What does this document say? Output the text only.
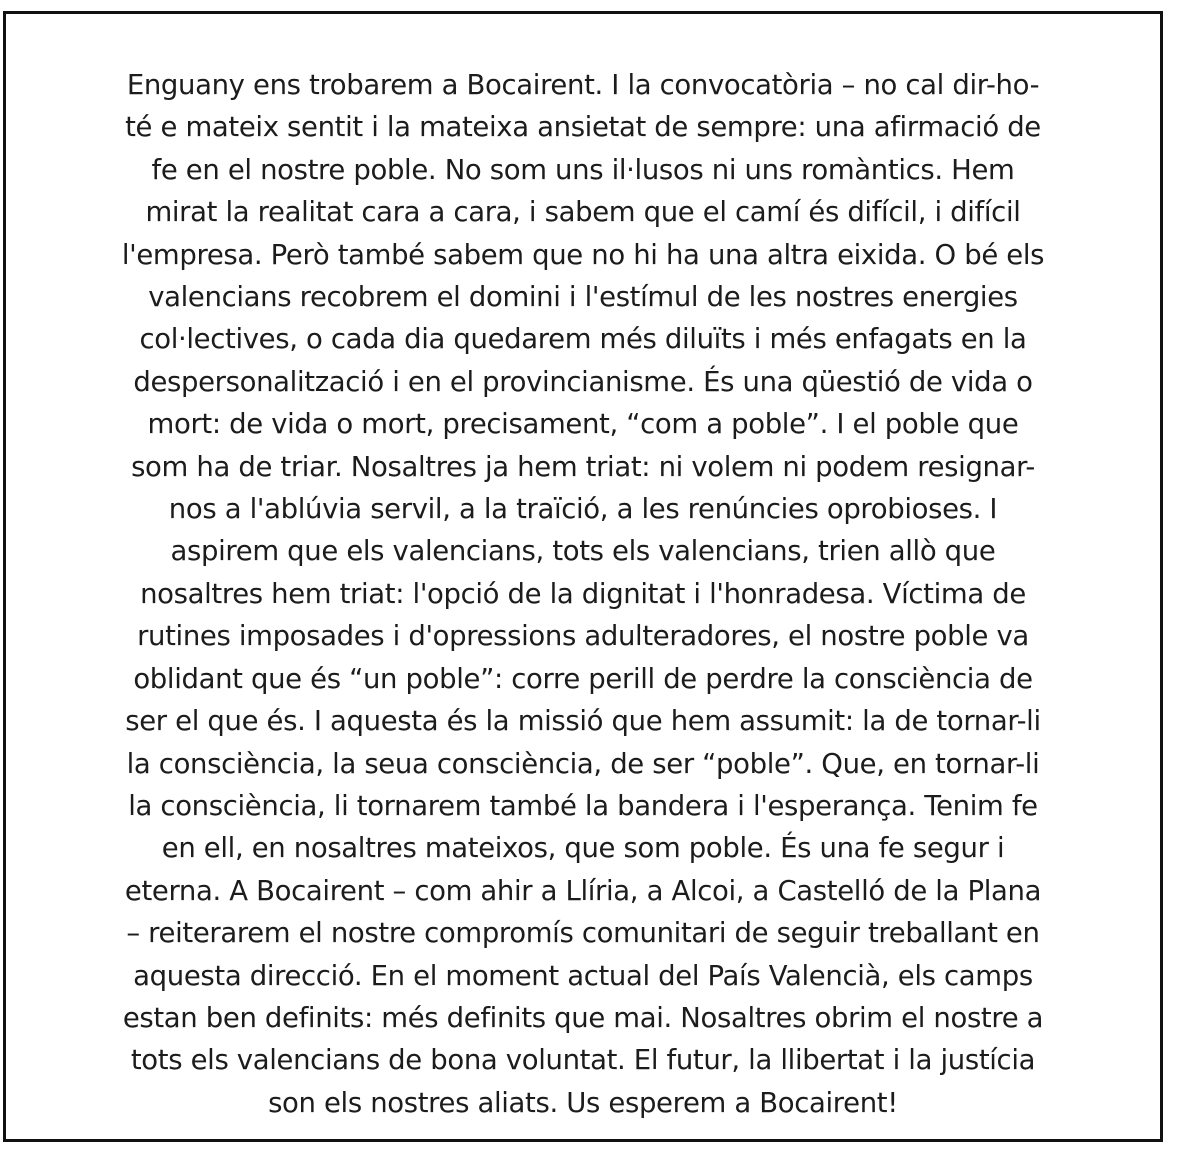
Enguany ens trobarem a Bocairent. I la convocatòria – no cal dir-ho-
té e mateix sentit i la mateixa ansietat de sempre: una afirmació de
fe en el nostre poble. No som uns il·lusos ni uns romàntics. Hem
mirat la realitat cara a cara, i sabem que el camí és difícil, i difícil
l'empresa. Però també sabem que no hi ha una altra eixida. O bé els
valencians recobrem el domini i l'estímul de les nostres energies
col·lectives, o cada dia quedarem més diluïts i més enfagats en la
despersonalització i en el provincianisme. És una qüestió de vida o
mort: de vida o mort, precisament, “com a poble”. I el poble que
som ha de triar. Nosaltres ja hem triat: ni volem ni podem resignar-
nos a l'ablúvia servil, a la traïció, a les renúncies oprobioses. I
aspirem que els valencians, tots els valencians, trien allò que
nosaltres hem triat: l'opció de la dignitat i l'honradesa. Víctima de
rutines imposades i d'opressions adulteradores, el nostre poble va
oblidant que és “un poble”: corre perill de perdre la consciència de
ser el que és. I aquesta és la missió que hem assumit: la de tornar-li
la consciència, la seua consciència, de ser “poble”. Que, en tornar-li
la consciència, li tornarem també la bandera i l'esperança. Tenim fe
en ell, en nosaltres mateixos, que som poble. És una fe segur i
eterna. A Bocairent – com ahir a Llíria, a Alcoi, a Castelló de la Plana
– reiterarem el nostre compromís comunitari de seguir treballant en
aquesta direcció. En el moment actual del País Valencià, els camps
estan ben definits: més definits que mai. Nosaltres obrim el nostre a
tots els valencians de bona voluntat. El futur, la llibertat i la justícia
son els nostres aliats. Us esperem a Bocairent!
